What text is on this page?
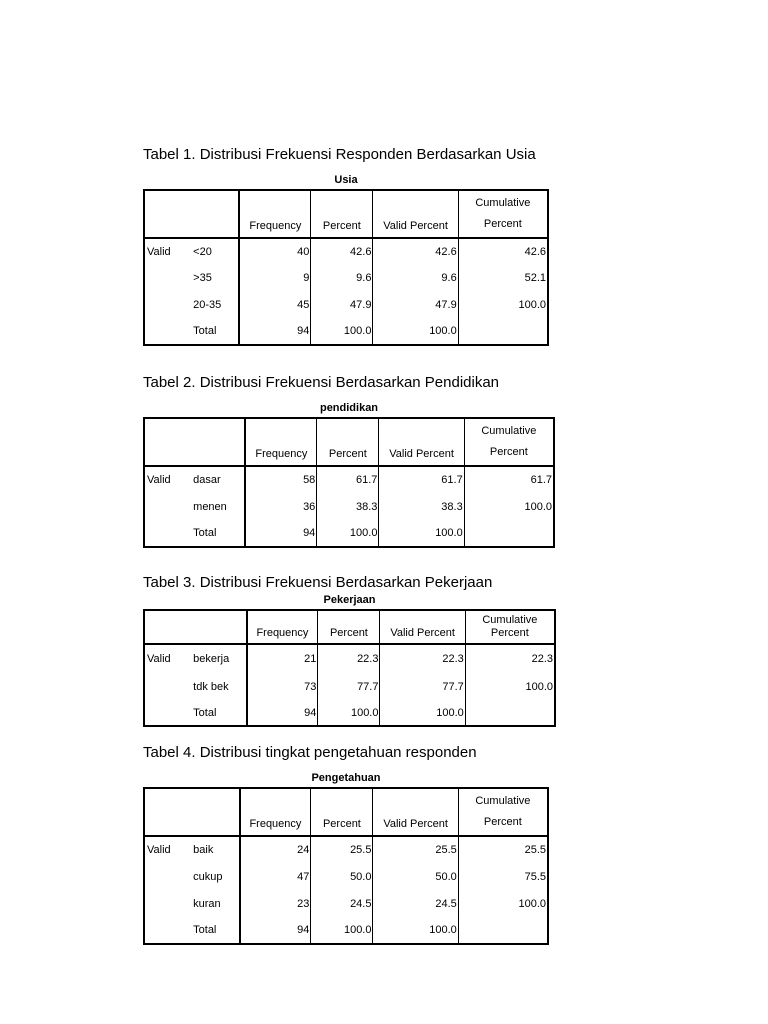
Tabel 1. Distribusi Frekuensi Responden Berdasarkan Usia
Usia
		Frequency	Percent	Valid Percent	Cumulative
Percent

Valid	<20	40	42.6	42.6	42.6
	>35	9	9.6	9.6	52.1
	20-35	45	47.9	47.9	100.0
	Total	94	100.0	100.0	
Tabel 2. Distribusi Frekuensi Berdasarkan Pendidikan
pendidikan
		Frequency	Percent	Valid Percent	Cumulative
Percent

Valid	dasar	58	61.7	61.7	61.7
	menen	36	38.3	38.3	100.0
	Total	94	100.0	100.0	
Tabel 3. Distribusi Frekuensi Berdasarkan Pekerjaan
Pekerjaan
		Frequency	Percent	Valid Percent	Cumulative
Percent

Valid	bekerja	21	22.3	22.3	22.3
	tdk bek	73	77.7	77.7	100.0
	Total	94	100.0	100.0	
Tabel 4. Distribusi tingkat pengetahuan responden
Pengetahuan
		Frequency	Percent	Valid Percent	Cumulative
Percent

Valid	baik	24	25.5	25.5	25.5
	cukup	47	50.0	50.0	75.5
	kuran	23	24.5	24.5	100.0
	Total	94	100.0	100.0	
